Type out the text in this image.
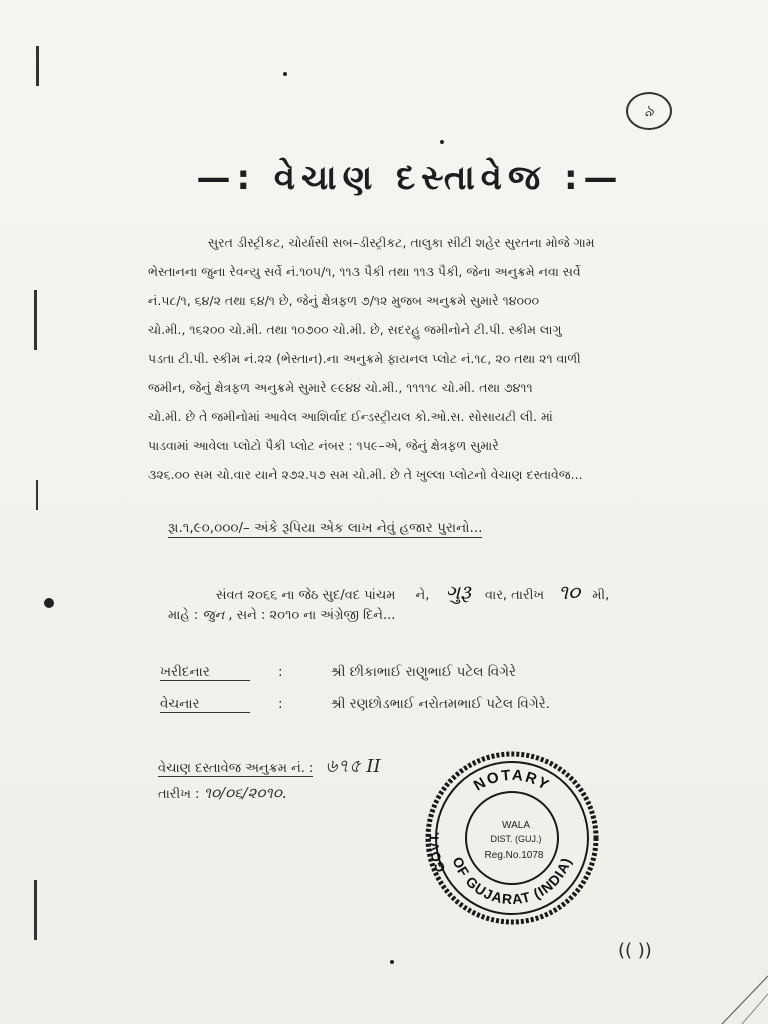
৯
—: વેચાણ દસ્તાવેજ :—
સુરત ડીસ્ટ્રીકટ, ચોર્યાસી સબ–ડીસ્ટ્રીકટ, તાલુકા સીટી શહેર સુરતના મોજે ગામ
ભેસ્તાનના જુના રેવન્યુ સર્વે નં.૧૦૫/૧, ૧૧૩ પૈકી તથા ૧૧૩ પૈકી, જેના અનુક્રમે નવા સર્વે
નં.૫૮/૧, ૬૪/૨ તથા ૬૪/૧ છે, જેનું ક્ષેત્રફળ ૭/૧૨ મુજબ અનુક્રમે સુમારે ૧૪૦૦૦
ચો.મી., ૧૬૨૦૦ ચો.મી. તથા ૧૦૭૦૦ ચો.મી. છે, સદરહુ જમીનોને ટી.પી. સ્કીમ લાગુ
પડતા ટી.પી. સ્કીમ નં.૨૨ (ભેસ્તાન).ના અનુક્રમે ફાયનલ પ્લોટ નં.૧૮, ૨૦ તથા ૨૧ વાળી
જમીન, જેનું ક્ષેત્રફળ અનુક્રમે સુમારે ૯૯૪૪ ચો.મી., ૧૧૧૧૮ ચો.મી. તથા ૭૪૧૧
ચો.મી. છે તે જમીનોમાં આવેલ આશિર્વાદ ઈન્ડસ્ટ્રીયલ કો.ઓ.સ. સોસાયટી લી. માં
પાડવામાં આવેલા પ્લોટો પૈકી પ્લોટ નંબર : ૧૫૯–એ, જેનું ક્ષેત્રફળ સુમારે
૩૨૬.૦૦ સમ ચો.વાર યાને ૨૭૨.૫૭ સમ ચો.મી. છે તે ખુલ્લા પ્લોટનો વેચાણ દસ્તાવેજ...
રૂા.૧,૯૦,૦૦૦/– અંકે રૂપિયા એક લાખ નેવું હજાર પુરાનો...
સંવત ૨૦૬૬ ના જેઠ સુદ/વદ પાંચમ ને, ગુરૂ વાર, તારીખ ૧૦ મી,
માહે : જુન , સને : ૨૦૧૦ ના અંગ્રેજી દિને...
ખરીદનાર	:	શ્રી છીકાભાઈ રાણુભાઈ પટેલ વિગેરે
વેચનાર	:	શ્રી રણછોડભાઈ નરોતમભાઈ પટેલ વિગેરે.
વેચાણ દસ્તાવેજ અનુક્રમ નં. : ৬৭৫ II
તારીખ : ૧૦/૦૬/૨૦૧૦.	NOTARY
OF GUJARAT (INDIA)
GOVT.
WALA
DIST. (GUJ.)
Reg.No.1078
(( ))
